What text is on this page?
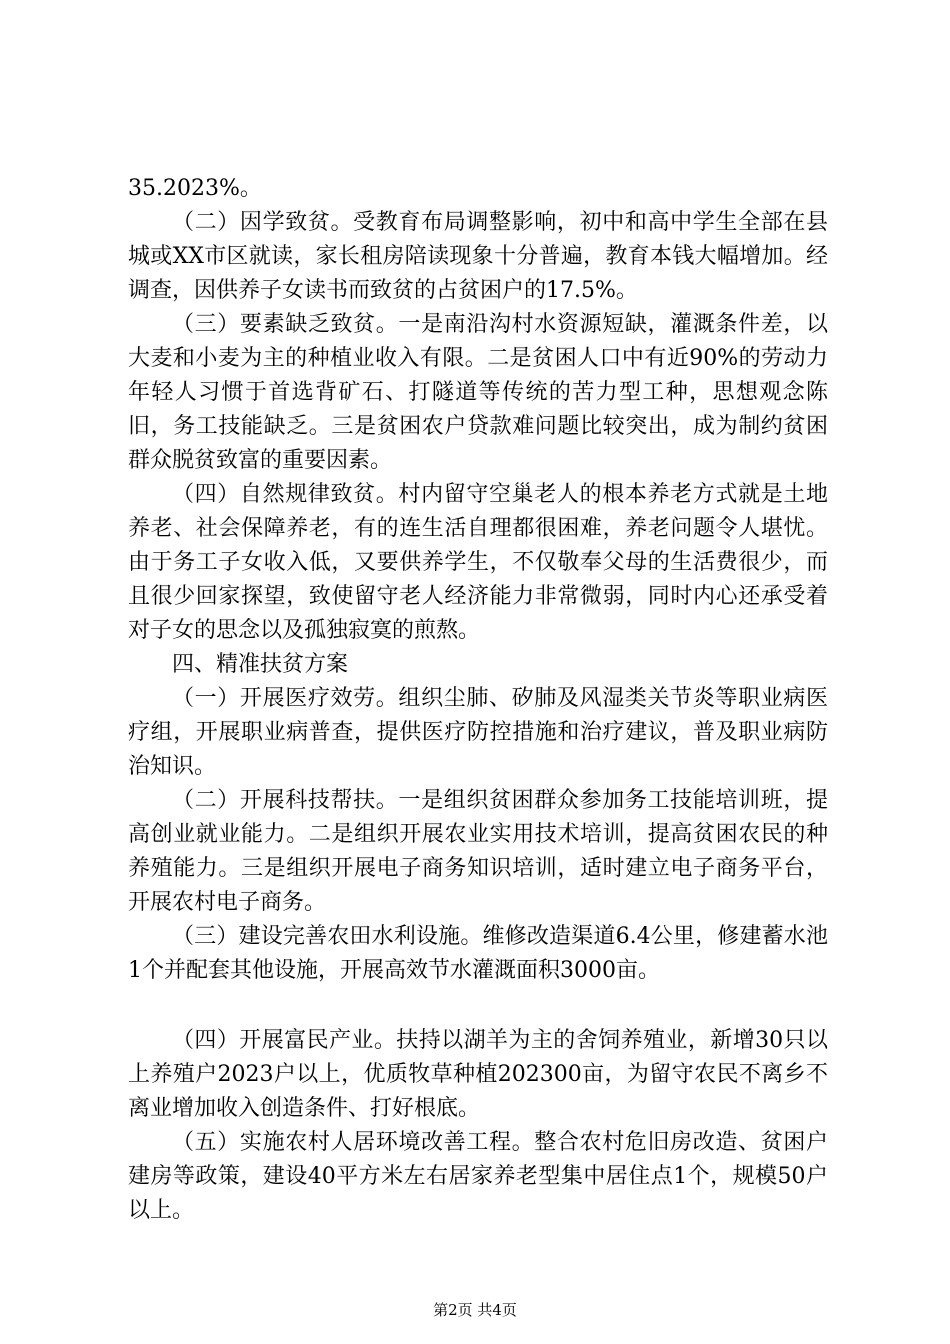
35.2023%。

（二）因学致贫。受教育布局调整影响，初中和高中学生全部在县城或XX市区就读，家长租房陪读现象十分普遍，教育本钱大幅增加。经调查，因供养子女读书而致贫的占贫困户的17.5%。

（三）要素缺乏致贫。一是南沿沟村水资源短缺，灌溉条件差，以大麦和小麦为主的种植业收入有限。二是贫困人口中有近90%的劳动力年轻人习惯于首选背矿石、打隧道等传统的苦力型工种，思想观念陈旧，务工技能缺乏。三是贫困农户贷款难问题比较突出，成为制约贫困群众脱贫致富的重要因素。

（四）自然规律致贫。村内留守空巢老人的根本养老方式就是土地养老、社会保障养老，有的连生活自理都很困难，养老问题令人堪忧。由于务工子女收入低，又要供养学生，不仅敬奉父母的生活费很少，而且很少回家探望，致使留守老人经济能力非常微弱，同时内心还承受着对子女的思念以及孤独寂寞的煎熬。

四、精准扶贫方案

（一）开展医疗效劳。组织尘肺、矽肺及风湿类关节炎等职业病医疗组，开展职业病普查，提供医疗防控措施和治疗建议，普及职业病防治知识。

（二）开展科技帮扶。一是组织贫困群众参加务工技能培训班，提高创业就业能力。二是组织开展农业实用技术培训，提高贫困农民的种养殖能力。三是组织开展电子商务知识培训，适时建立电子商务平台，开展农村电子商务。

（三）建设完善农田水利设施。维修改造渠道6.4公里，修建蓄水池1个并配套其他设施，开展高效节水灌溉面积3000亩。

（四）开展富民产业。扶持以湖羊为主的舍饲养殖业，新增30只以上养殖户2023户以上，优质牧草种植202300亩，为留守农民不离乡不离业增加收入创造条件、打好根底。

（五）实施农村人居环境改善工程。整合农村危旧房改造、贫困户建房等政策，建设40平方米左右居家养老型集中居住点1个，规模50户以上。

第2页 共4页
